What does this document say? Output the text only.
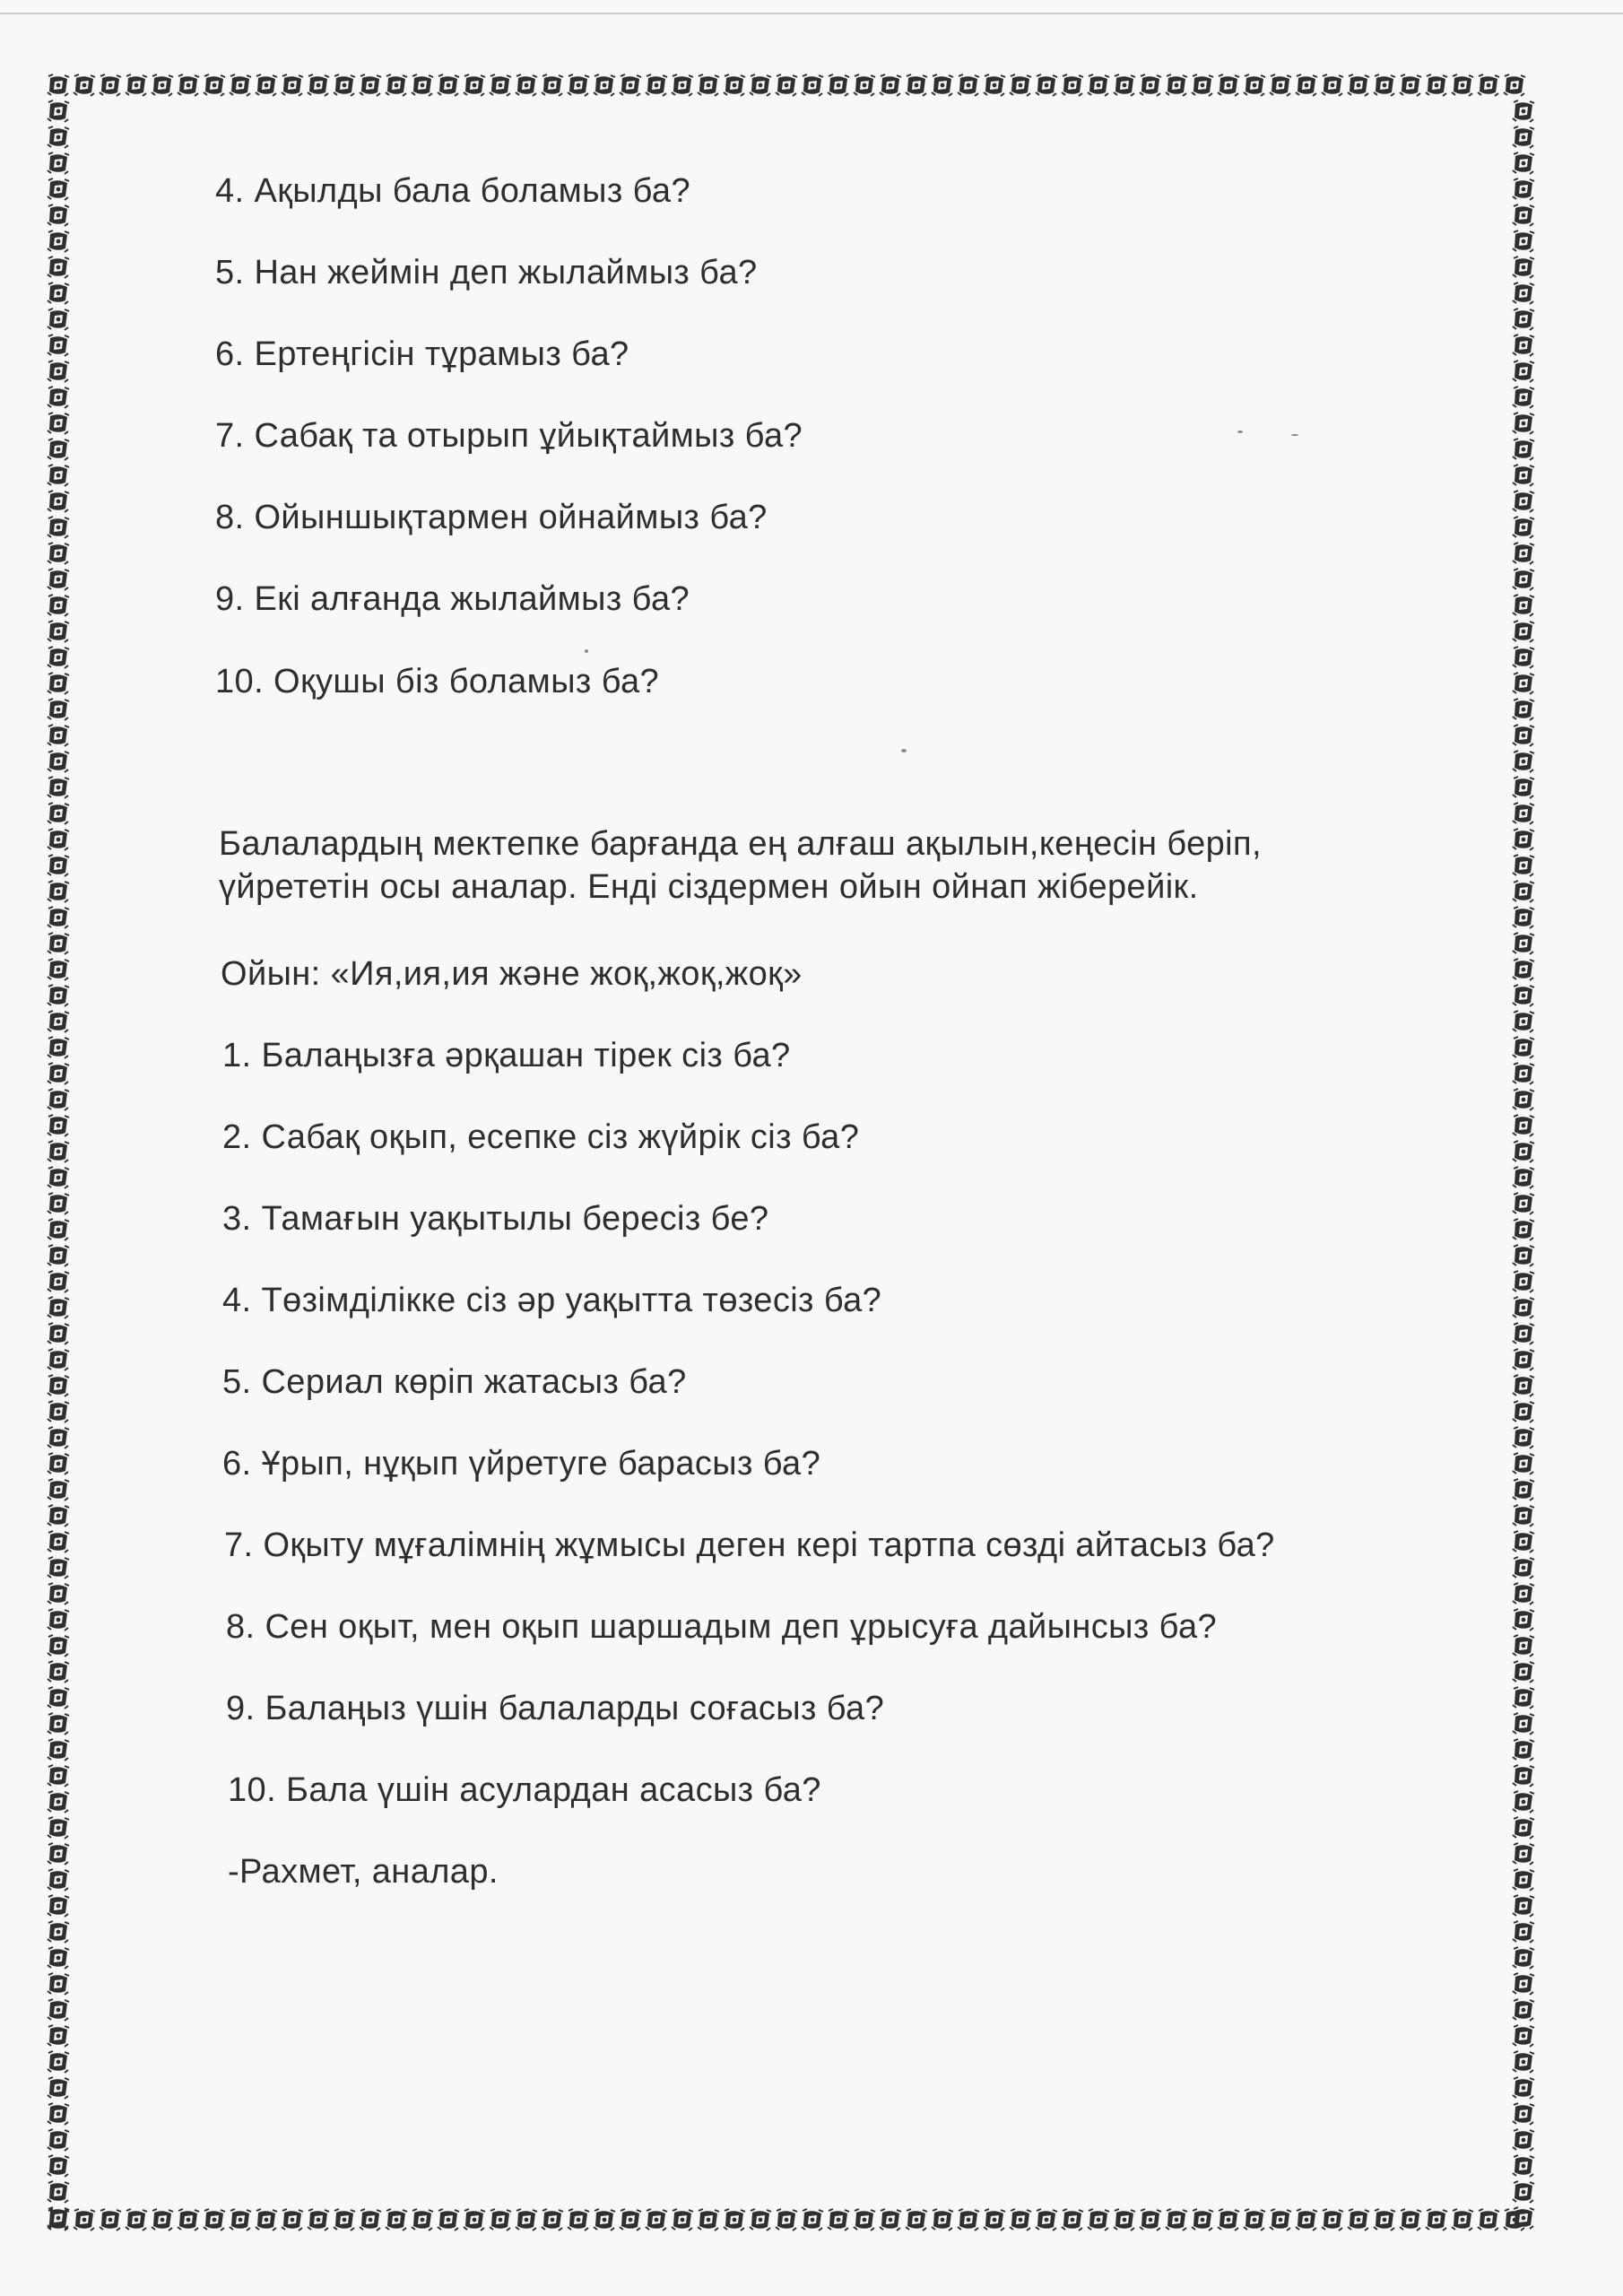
4. Ақылды бала боламыз ба?

5. Нан жеймін деп жылаймыз ба?

6. Ертеңгісін тұрамыз ба?

7. Сабақ та отырып ұйықтаймыз ба?

8. Ойыншықтармен ойнаймыз ба?

9. Екі алғанда жылаймыз ба?

10. Оқушы біз боламыз ба?

Балалардың мектепке барғанда ең алғаш ақылын,кеңесін беріп,

үйрететін осы аналар. Енді сіздермен ойын ойнап жіберейік.

Ойын: «Ия,ия,ия және жоқ,жоқ,жоқ»

1. Балаңызға әрқашан тірек сіз ба?

2. Сабақ оқып, есепке сіз жүйрік сіз ба?

3. Тамағын уақытылы бересіз бе?

4. Төзімділікке сіз әр уақытта төзесіз ба?

5. Сериал көріп жатасыз ба?

6. Ұрып, нұқып үйретуге барасыз ба?

7. Оқыту мұғалімнің жұмысы деген кері тартпа сөзді айтасыз ба?

8. Сен оқыт, мен оқып шаршадым деп ұрысуға дайынсыз ба?

9. Балаңыз үшін балаларды соғасыз ба?

10. Бала үшін асулардан асасыз ба?

-Рахмет, аналар.
